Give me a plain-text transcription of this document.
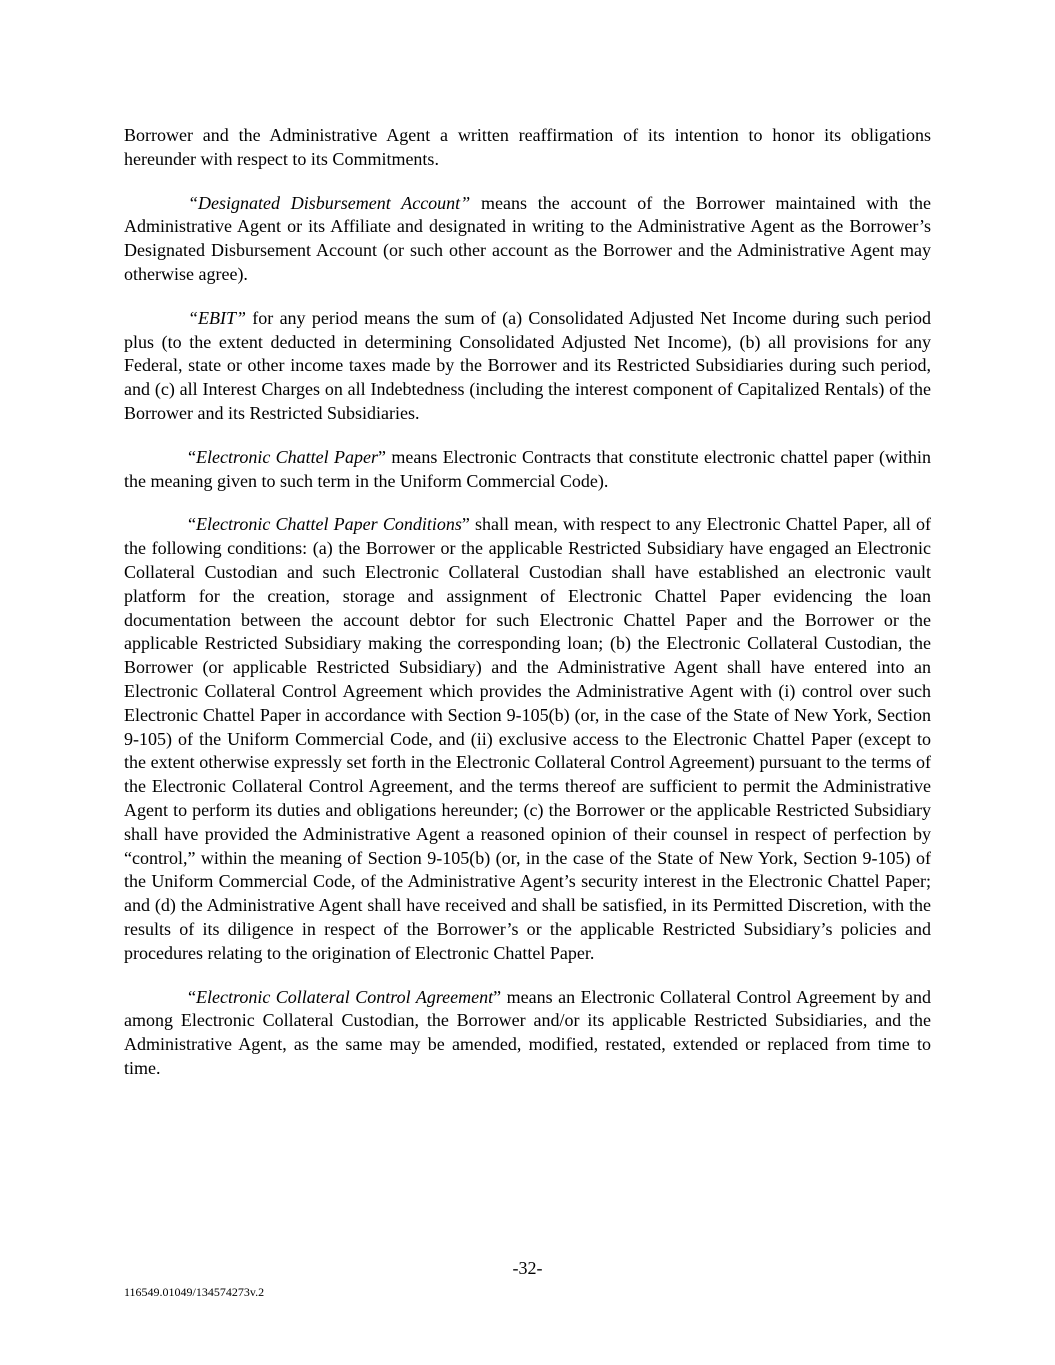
Borrower and the Administrative Agent a written reaffirmation of its intention to honor its obligations hereunder with respect to its Commitments.

“Designated Disbursement Account” means the account of the Borrower maintained with the Administrative Agent or its Affiliate and designated in writing to the Administrative Agent as the Borrower’s Designated Disbursement Account (or such other account as the Borrower and the Administrative Agent may otherwise agree).

“EBIT” for any period means the sum of (a) Consolidated Adjusted Net Income during such period plus (to the extent deducted in determining Consolidated Adjusted Net Income), (b) all provisions for any Federal, state or other income taxes made by the Borrower and its Restricted Subsidiaries during such period, and (c) all Interest Charges on all Indebtedness (including the interest component of Capitalized Rentals) of the Borrower and its Restricted Subsidiaries.

“Electronic Chattel Paper” means Electronic Contracts that constitute electronic chattel paper (within the meaning given to such term in the Uniform Commercial Code).

“Electronic Chattel Paper Conditions” shall mean, with respect to any Electronic Chattel Paper, all of the following conditions: (a) the Borrower or the applicable Restricted Subsidiary have engaged an Electronic Collateral Custodian and such Electronic Collateral Custodian shall have established an electronic vault platform for the creation, storage and assignment of Electronic Chattel Paper evidencing the loan documentation between the account debtor for such Electronic Chattel Paper and the Borrower or the applicable Restricted Subsidiary making the corresponding loan; (b) the Electronic Collateral Custodian, the Borrower (or applicable Restricted Subsidiary) and the Administrative Agent shall have entered into an Electronic Collateral Control Agreement which provides the Administrative Agent with (i) control over such Electronic Chattel Paper in accordance with Section 9-105(b) (or, in the case of the State of New York, Section 9-105) of the Uniform Commercial Code, and (ii) exclusive access to the Electronic Chattel Paper (except to the extent otherwise expressly set forth in the Electronic Collateral Control Agreement) pursuant to the terms of the Electronic Collateral Control Agreement, and the terms thereof are sufficient to permit the Administrative Agent to perform its duties and obligations hereunder; (c) the Borrower or the applicable Restricted Subsidiary shall have provided the Administrative Agent a reasoned opinion of their counsel in respect of perfection by “control,” within the meaning of Section 9-105(b) (or, in the case of the State of New York, Section 9-105) of the Uniform Commercial Code, of the Administrative Agent’s security interest in the Electronic Chattel Paper; and (d) the Administrative Agent shall have received and shall be satisfied, in its Permitted Discretion, with the results of its diligence in respect of the Borrower’s or the applicable Restricted Subsidiary’s policies and procedures relating to the origination of Electronic Chattel Paper.

“Electronic Collateral Control Agreement” means an Electronic Collateral Control Agreement by and among Electronic Collateral Custodian, the Borrower and/or its applicable Restricted Subsidiaries, and the Administrative Agent, as the same may be amended, modified, restated, extended or replaced from time to time.

-32-
116549.01049/134574273v.2
